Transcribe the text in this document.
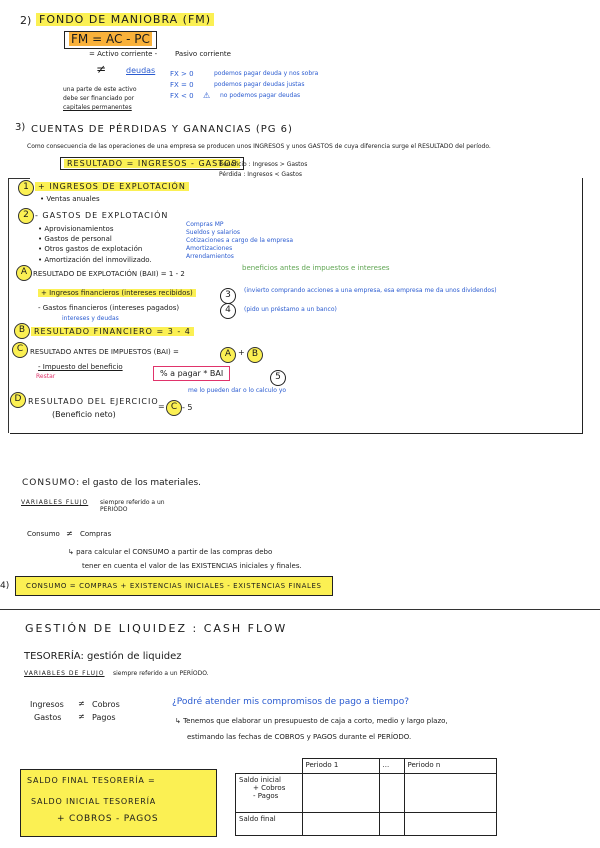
2) FONDO DE MANIOBRA (FM)
FM = AC - PC
= Activo corriente -	Pasivo corriente
≠ deudas
una parte de este activo
debe ser financiado por
capitales permanentes
FX > 0	podemos pagar deuda y nos sobra
FX = 0	podemos pagar deudas justas
FX < 0 ⚠ no podemos pagar deudas
3) CUENTAS DE PÉRDIDAS Y GANANCIAS (PG 6)
Como consecuencia de las operaciones de una empresa se producen unos INGRESOS y unos GASTOS de cuya diferencia surge el RESULTADO del período.
RESULTADO = INGRESOS - GASTOS
Beneficio : Ingresos > Gastos
Pérdida : Ingresos < Gastos
1	+ INGRESOS DE EXPLOTACIÓN
• Ventas anuales
2 - GASTOS DE EXPLOTACIÓN
• Aprovisionamientos
• Gastos de personal
• Otros gastos de explotación
• Amortización del inmovilizado.
Compras MP
Sueldos y salarios
Cotizaciones a cargo de la empresa
Amortizaciones
Arrendamientos
A RESULTADO DE EXPLOTACIÓN (BAII) = 1 - 2
beneficios antes de impuestos e intereses
+ Ingresos financieros (intereses recibidos)	3	(invierto comprando acciones a una empresa, esa empresa me da unos dividendos)
- Gastos financieros (intereses pagados)	4	(pido un préstamo a un banco)
intereses y deudas
B	RESULTADO FINANCIERO = 3 - 4
C RESULTADO ANTES DE IMPUESTOS (BAI) =	A + B
- Impuesto del beneficio
Restar	% a pagar * BAI	5
me lo pueden dar o lo calculo yo
D RESULTADO DEL EJERCICIO
= C - 5
(Beneficio neto)
CONSUMO: el gasto de los materiales.
VARIABLES FLUJO siempre referido a un PERIODO
Consumo ≠ Compras
↳ para calcular el CONSUMO a partir de las compras debo
tener en cuenta el valor de las EXISTENCIAS iniciales y finales.
4)	CONSUMO = COMPRAS + EXISTENCIAS INICIALES - EXISTENCIAS FINALES
GESTIÓN DE LIQUIDEZ : CASH FLOW
TESORERÍA: gestión de liquidez
VARIABLES DE FLUJO siempre referido a un PERÍODO.
Ingresos ≠ Cobros
Gastos ≠ Pagos
¿Podré atender mis compromisos de pago a tiempo?
↳ Tenemos que elaborar un presupuesto de caja a corto, medio y largo plazo,
estimando las fechas de COBROS y PAGOS durante el PERÍODO.
SALDO FINAL TESORERÍA =
SALDO INICIAL TESORERÍA
+ COBROS - PAGOS
	Periodo 1	...	Periodo n

Saldo inicial
+ Cobros
- Pagos			

Saldo final			
